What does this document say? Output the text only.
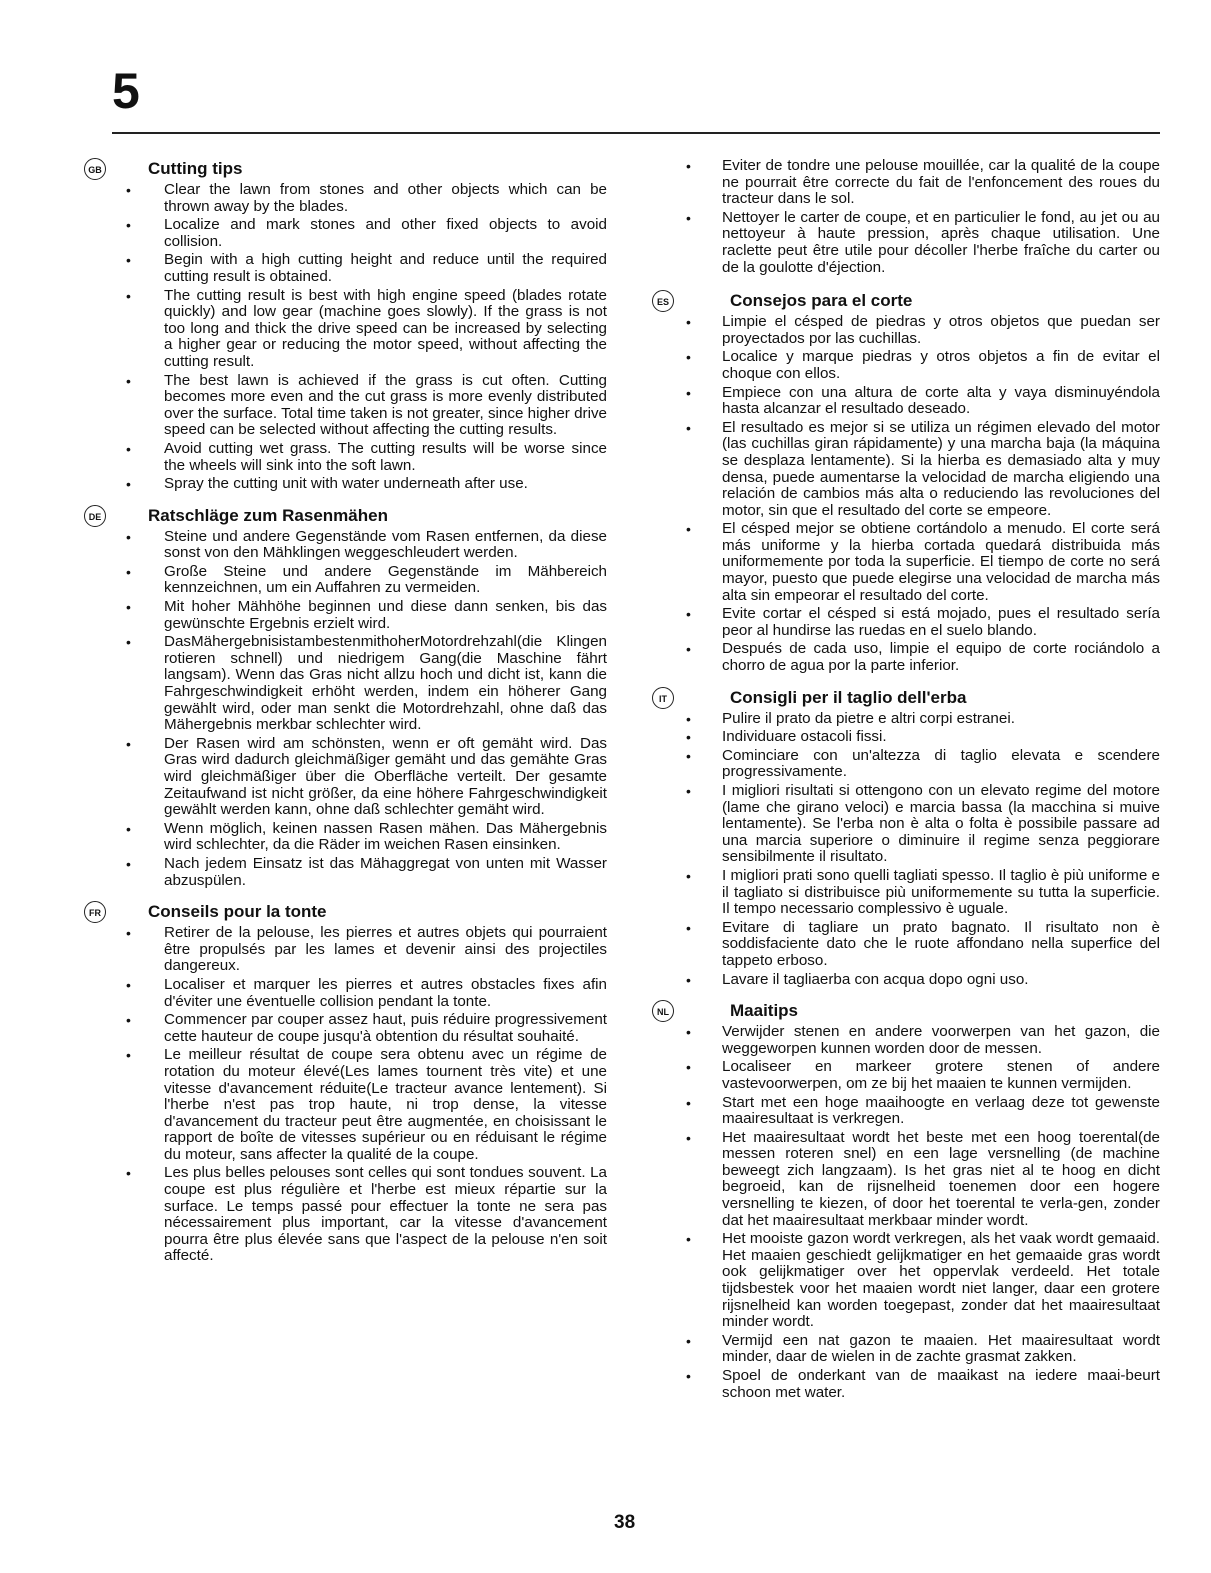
5
GB	Cutting tips
• Clear the lawn from stones and other objects which can be thrown away by the blades.
• Localize and mark stones and other fixed objects to avoid collision.
• Begin with a high cutting height and reduce until the required cutting result is obtained.
• The cutting result is best with high engine speed (blades rotate quickly) and low gear (machine goes slowly). If the grass is not too long and thick the drive speed can be increased by selecting a higher gear or reducing the motor speed, without affecting the cutting result.
• The best lawn is achieved if the grass is cut often. Cutting becomes more even and the cut grass is more evenly distributed over the surface. Total time taken is not greater, since higher drive speed can be selected without affecting the cutting results.
• Avoid cutting wet grass. The cutting results will be worse since the wheels will sink into the soft lawn.
• Spray the cutting unit with water underneath after use.
DE	Ratschläge zum Rasenmähen
• Steine und andere Gegenstände vom Rasen entfernen, da diese sonst von den Mähklingen weggeschleudert werden.
• Große Steine und andere Gegenstände im Mähbereich kennzeichnen, um ein Auffahren zu vermeiden.
• Mit hoher Mähhöhe beginnen und diese dann senken, bis das gewünschte Ergebnis erzielt wird.
• DasMähergebnisistambestenmithoherMotordrehzahl(die Klingen rotieren schnell) und niedrigem Gang(die Maschine fährt langsam). Wenn das Gras nicht allzu hoch und dicht ist, kann die Fahrgeschwindigkeit erhöht werden, indem ein höherer Gang gewählt wird, oder man senkt die Motordrehzahl, ohne daß das Mähergebnis merkbar schlechter wird.
• Der Rasen wird am schönsten, wenn er oft gemäht wird. Das Gras wird dadurch gleichmäßiger gemäht und das gemähte Gras wird gleichmäßiger über die Oberfläche verteilt. Der gesamte Zeitaufwand ist nicht größer, da eine höhere Fahrgeschwindigkeit gewählt werden kann, ohne daß schlechter gemäht wird.
• Wenn möglich, keinen nassen Rasen mähen. Das Mähergebnis wird schlechter, da die Räder im weichen Rasen einsinken.
• Nach jedem Einsatz ist das Mähaggregat von unten mit Wasser abzuspülen.
FR	Conseils pour la tonte
• Retirer de la pelouse, les pierres et autres objets qui pourraient être propulsés par les lames et devenir ainsi des projectiles dangereux.
• Localiser et marquer les pierres et autres obstacles fixes afin d'éviter une éventuelle collision pendant la tonte.
• Commencer par couper assez haut, puis réduire progressivement cette hauteur de coupe jusqu'à obtention du résultat souhaité.
• Le meilleur résultat de coupe sera obtenu avec un régime de rotation du moteur élevé(Les lames tournent très vite) et une vitesse d'avancement réduite(Le tracteur avance lentement). Si l'herbe n'est pas trop haute, ni trop dense, la vitesse d'avancement du tracteur peut être augmentée, en choisissant le rapport de boîte de vitesses supérieur ou en réduisant le régime du moteur, sans affecter la qualité de la coupe.
• Les plus belles pelouses sont celles qui sont tondues souvent. La coupe est plus régulière et l'herbe est mieux répartie sur la surface. Le temps passé pour effectuer la tonte ne sera pas nécessairement plus important, car la vitesse d'avancement pourra être plus élevée sans que l'aspect de la pelouse n'en soit affecté.
• Eviter de tondre une pelouse mouillée, car la qualité de la coupe ne pourrait être correcte du fait de l'enfoncement des roues du tracteur dans le sol.
• Nettoyer le carter de coupe, et en particulier le fond, au jet ou au nettoyeur à haute pression, après chaque utilisation. Une raclette peut être utile pour décoller l'herbe fraîche du carter ou de la goulotte d'éjection.
ES	Consejos para el corte
• Limpie el césped de piedras y otros objetos que puedan ser proyectados por las cuchillas.
• Localice y marque piedras y otros objetos a fin de evitar el choque con ellos.
• Empiece con una altura de corte alta y vaya disminuyéndola hasta alcanzar el resultado deseado.
• El resultado es mejor si se utiliza un régimen elevado del motor (las cuchillas giran rápidamente) y una marcha baja (la máquina se desplaza lentamente). Si la hierba es demasiado alta y muy densa, puede aumentarse la velocidad de marcha eligiendo una relación de cambios más alta o reduciendo las revoluciones del motor, sin que el resultado del corte se empeore.
• El césped mejor se obtiene cortándolo a menudo. El corte será más uniforme y la hierba cortada quedará distribuida más uniformemente por toda la superficie. El tiempo de corte no será mayor, puesto que puede elegirse una velocidad de marcha más alta sin empeorar el resultado del corte.
• Evite cortar el césped si está mojado, pues el resultado sería peor al hundirse las ruedas en el suelo blando.
• Después de cada uso, limpie el equipo de corte rociándolo a chorro de agua por la parte inferior.
IT	Consigli per il taglio dell'erba
• Pulire il prato da pietre e altri corpi estranei.
• Individuare ostacoli fissi.
• Cominciare con un'altezza di taglio elevata e scendere progressivamente.
• I migliori risultati si ottengono con un elevato regime del motore (lame che girano veloci) e marcia bassa (la macchina si muive lentamente). Se l'erba non è alta o folta è possibile passare ad una marcia superiore o diminuire il regime senza peggiorare sensibilmente il risultato.
• I migliori prati sono quelli tagliati spesso. Il taglio è più uniforme e il tagliato si distribuisce più uniformemente su tutta la superficie. Il tempo necessario complessivo è uguale.
• Evitare di tagliare un prato bagnato. Il risultato non è soddisfaciente dato che le ruote affondano nella superfice del tappeto erboso.
• Lavare il tagliaerba con acqua dopo ogni uso.
NL	Maaitips
• Verwijder stenen en andere voorwerpen van het gazon, die weggeworpen kunnen worden door de messen.
• Localiseer en markeer grotere stenen of andere vastevoorwerpen, om ze bij het maaien te kunnen vermijden.
• Start met een hoge maaihoogte en verlaag deze tot gewenste maairesultaat is verkregen.
• Het maairesultaat wordt het beste met een hoog toerental(de messen roteren snel) en een lage versnelling (de machine beweegt zich langzaam). Is het gras niet al te hoog en dicht begroeid, kan de rijsnelheid toenemen door een hogere versnelling te kiezen, of door het toerental te verla-gen, zonder dat het maairesultaat merkbaar minder wordt.
• Het mooiste gazon wordt verkregen, als het vaak wordt gemaaid. Het maaien geschiedt gelijkmatiger en het gemaaide gras wordt ook gelijkmatiger over het oppervlak verdeeld. Het totale tijdsbestek voor het maaien wordt niet langer, daar een grotere rijsnelheid kan worden toegepast, zonder dat het maairesultaat minder wordt.
• Vermijd een nat gazon te maaien. Het maairesultaat wordt minder, daar de wielen in de zachte grasmat zakken.
• Spoel de onderkant van de maaikast na iedere maai-beurt schoon met water.
38
